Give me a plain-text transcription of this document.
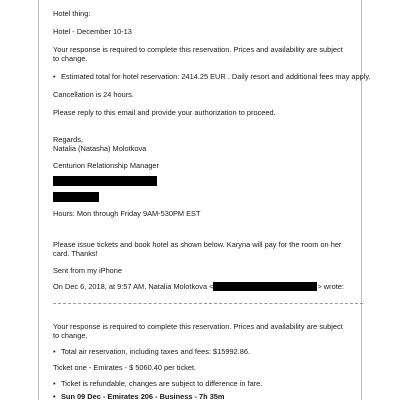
Hotel thing:
Hotel - December 10-13
Your response is required to complete this reservation. Prices and availability are subject to change.
• Estimated total for hotel reservation: 2414.25 EUR . Daily resort and additional fees may apply.
Cancellation is 24 hours.
Please reply to this email and provide your authorization to proceed.
Regards,
Natalia (Natasha) Molotkova
Centurion Relationship Manager
Hours: Mon through Friday 9AM-530PM EST
Please issue tickets and book hotel as shown below. Karyna will pay for the room on her card. Thanks!
Sent from my iPhone
On Dec 6, 2018, at 9:57 AM, Natalia Molotkova <	> wrote:
Your response is required to complete this reservation. Prices and availability are subject to change.
• Total air reservation, including taxes and fees: $15992.86.
Ticket one - Emirates - $ 5060.40 per ticket.
• Ticket is refundable, changes are subject to difference in fare.
• Sun 09 Dec - Emirates 206 - Business - 7h 35m
